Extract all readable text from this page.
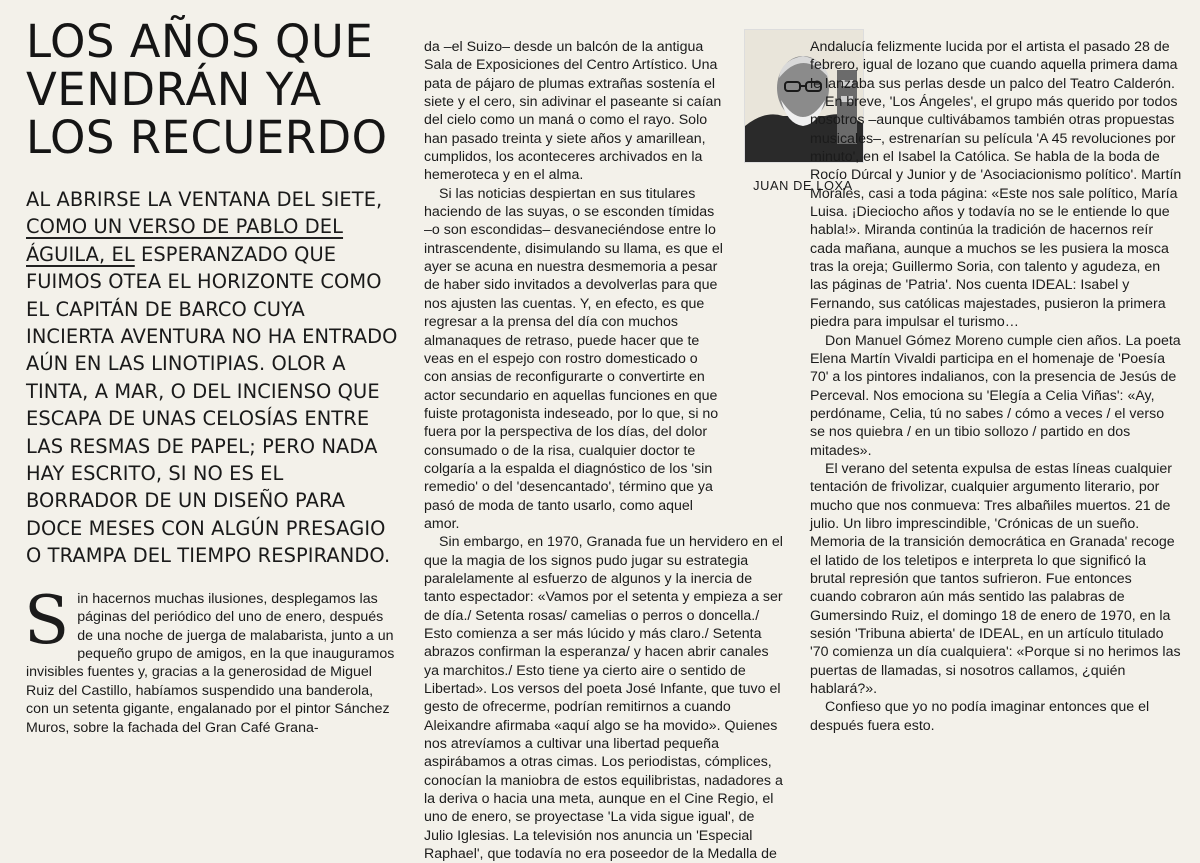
LOS AÑOS QUE VENDRÁN YA LOS RECUERDO

AL ABRIRSE LA VENTANA DEL SIETE, COMO UN VERSO DE PABLO DEL ÁGUILA, EL ESPERANZADO QUE FUIMOS OTEA EL HORIZONTE COMO EL CAPITÁN DE BARCO CUYA INCIERTA AVENTURA NO HA ENTRADO AÚN EN LAS LINOTIPIAS. OLOR A TINTA, A MAR, O DEL INCIENSO QUE ESCAPA DE UNAS CELOSÍAS ENTRE LAS RESMAS DE PAPEL; PERO NADA HAY ESCRITO, SI NO ES EL BORRADOR DE UN DISEÑO PARA DOCE MESES CON ALGÚN PRESAGIO O TRAMPA DEL TIEMPO RESPIRANDO.

Sin hacernos muchas ilusiones, desplegamos las páginas del periódico del uno de enero, después de una noche de juerga de malabarista, junto a un pequeño grupo de amigos, en la que inauguramos invisibles fuentes y, gracias a la generosidad de Miguel Ruiz del Castillo, habíamos suspendido una banderola, con un setenta gigante, engalanado por el pintor Sánchez Muros, sobre la fachada del Gran Café Grana-

da –el Suizo– desde un balcón de la antigua Sala de Exposiciones del Centro Artístico. Una pata de pájaro de plumas extrañas sostenía el siete y el cero, sin adivinar el paseante si caían del cielo como un maná o como el rayo. Solo han pasado treinta y siete años y amarillean, cumplidos, los aconteceres archivados en la hemeroteca y en el alma.

Si las noticias despiertan en sus titulares haciendo de las suyas, o se esconden tímidas –o son escondidas– desvaneciéndose entre lo intrascendente, disimulando su llama, es que el ayer se acuna en nuestra desmemoria a pesar de haber sido invitados a devolverlas para que nos ajusten las cuentas. Y, en efecto, es que regresar a la prensa del día con muchos almanaques de retraso, puede hacer que te veas en el espejo con rostro domesticado o con ansias de reconfigurarte o convertirte en actor secundario en aquellas funciones en que fuiste protagonista indeseado, por lo que, si no fuera por la perspectiva de los días, del dolor consumado o de la risa, cualquier doctor te colgaría a la espalda el diagnóstico de los 'sin remedio' o del 'desencantado', término que ya pasó de moda de tanto usarlo, como aquel amor.

Sin embargo, en 1970, Granada fue un hervidero en el que la magia de los signos pudo jugar su estrategia paralelamente al esfuerzo de algunos y la inercia de tanto espectador: «Vamos por el setenta y empieza a ser de día./ Setenta rosas/ camelias o perros o doncella./ Esto comienza a ser más lúcido y más claro./ Setenta abrazos confirman la esperanza/ y hacen abrir canales ya marchitos./ Esto tiene ya cierto aire o sentido de Libertad». Los versos del poeta José Infante, que tuvo el gesto de ofrecerme, podrían remitirnos a cuando Aleixandre afirmaba «aquí algo se ha movido». Quienes nos atrevíamos a cultivar una libertad pequeña aspirábamos a otras cimas. Los periodistas, cómplices, conocían la maniobra de estos equilibristas, nadadores a la deriva o hacia una meta, aunque en el Cine Regio, el uno de enero, se proyectase 'La vida sigue igual', de Julio Iglesias. La televisión nos anuncia un 'Especial Raphael', que todavía no era poseedor de la Medalla de

JUAN DE LOXA

Andalucía felizmente lucida por el artista el pasado 28 de febrero, igual de lozano que cuando aquella primera dama le lanzaba sus perlas desde un palco del Teatro Calderón.

En breve, 'Los Ángeles', el grupo más querido por todos nosotros –aunque cultivábamos también otras propuestas musicales–, estrenarían su película 'A 45 revoluciones por minuto', en el Isabel la Católica. Se habla de la boda de Rocío Dúrcal y Junior y de 'Asociacionismo político'. Martín Morales, casi a toda página: «Este nos sale político, María Luisa. ¡Dieciocho años y todavía no se le entiende lo que habla!». Miranda continúa la tradición de hacernos reír cada mañana, aunque a muchos se les pusiera la mosca tras la oreja; Guillermo Soria, con talento y agudeza, en las páginas de 'Patria'. Nos cuenta IDEAL: Isabel y Fernando, sus católicas majestades, pusieron la primera piedra para impulsar el turismo…

Don Manuel Gómez Moreno cumple cien años. La poeta Elena Martín Vivaldi participa en el homenaje de 'Poesía 70' a los pintores indalianos, con la presencia de Jesús de Perceval. Nos emociona su 'Elegía a Celia Viñas': «Ay, perdóname, Celia, tú no sabes / cómo a veces / el verso se nos quiebra / en un tibio sollozo / partido en dos mitades».

El verano del setenta expulsa de estas líneas cualquier tentación de frivolizar, cualquier argumento literario, por mucho que nos conmueva: Tres albañiles muertos. 21 de julio. Un libro imprescindible, 'Crónicas de un sueño. Memoria de la transición democrática en Granada' recoge el latido de los teletipos e interpreta lo que significó la brutal represión que tantos sufrieron. Fue entonces cuando cobraron aún más sentido las palabras de Gumersindo Ruiz, el domingo 18 de enero de 1970, en la sesión 'Tribuna abierta' de IDEAL, en un artículo titulado '70 comienza un día cualquiera': «Porque si no herimos las puertas de llamadas, si nosotros callamos, ¿quién hablará?».

Confieso que yo no podía imaginar entonces que el después fuera esto.
